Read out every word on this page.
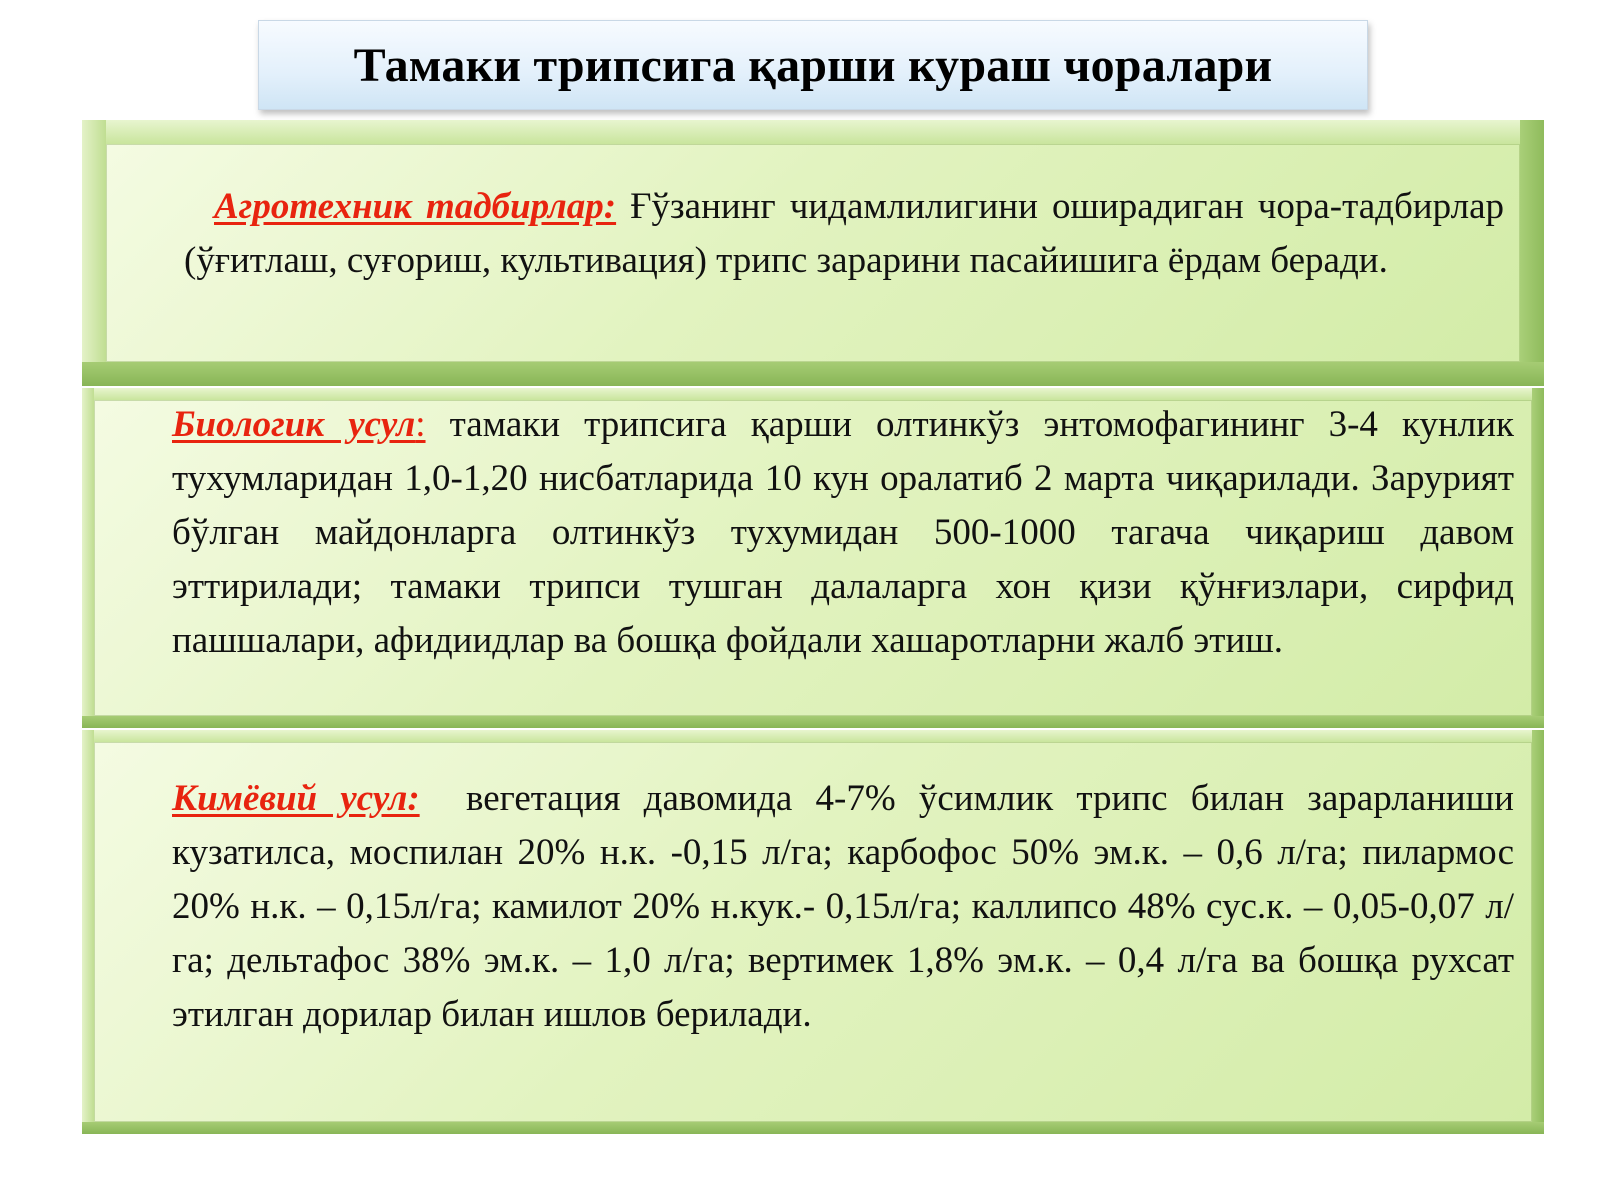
Тамаки трипсига қарши кураш чоралари

Агротехник тадбирлар: Ғўзанинг чидамлилигини оширадиган чора-тадбирлар (ўғитлаш, суғориш, культивация) трипс зарарини пасайишига ёрдам беради.

Биологик усул: тамаки трипсига қарши олтинкўз энтомофагининг 3-4 кунлик тухумларидан 1,0-1,20 нисбатларида 10 кун оралатиб 2 марта чиқарилади. Зарурият бўлган майдонларга олтинкўз тухумидан 500-1000 тагача чиқариш давом эттирилади; тамаки трипси тушган далаларга хон қизи қўнғизлари, сирфид пашшалари, афидиидлар ва бошқа фойдали хашаротларни жалб этиш.

Кимёвий усул:  вегетация давомида 4-7% ўсимлик трипс билан зарарланиши кузатилса, моспилан 20% н.к. -0,15 л/га; карбофос 50% эм.к. – 0,6 л/га; пилармос 20% н.к. – 0,15л/га; камилот 20% н.кук.- 0,15л/га; каллипсо 48% сус.к. – 0,05-0,07 л/га; дельтафос 38% эм.к. – 1,0 л/га; вертимек 1,8% эм.к. – 0,4 л/га ва бошқа рухсат этилган дорилар билан ишлов берилади.
